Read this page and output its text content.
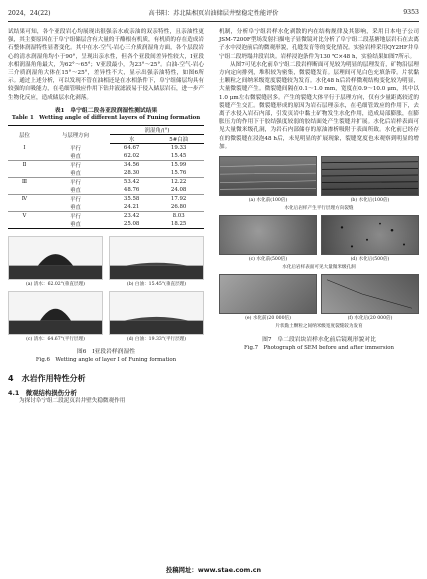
2024，24(22)	高书阳：苏北陆相页岩油储层井壁稳定性能评价	9353

试结果可知，各个亚段岩心均展现出很强亲水或亲油的双亲特性，且亲油性更强，其主要原因在于阜宁组储层含有大量的干酪根有机质，有机质的存在造成岩石整体润湿特性显著变化。其中在水-空气-岩心三介质润湿角方面，各个层段岩心的清水润湿角均小于90°，呈现出亲水性，但各个亚段间差异性较大，Ⅰ亚段水相润湿角角最大，为62°～65°；Ⅴ亚段最小，为23°～25°。白油-空气-岩心三介质润湿角大体在15°～25°，差异性不大，显示出强亲油特性，如图6所示。通过上述分析，可以发现不管在油相还是在水相条件下，阜宁组储层均具有较强的自吸能力，在毛细管吸应作用下钻井液滤液易于侵入储层岩石，进一步产生物化反应，造成储层水化剥落。

表1　阜宁组二段各亚段润湿性测试结果
Table 1　Wetting angle of different layers of Funing formation
层位	与层理方向	润湿角/(°)	
		水	5#白油
Ⅰ	平行	64.67	19.33
	垂直	62.02	15.45
Ⅱ	平行	34.56	15.99
	垂直	28.30	15.76
Ⅲ	平行	53.42	12.22
	垂直	48.76	24.08
Ⅳ	平行	35.58	17.92
	垂直	24.21	26.80
Ⅴ	平行	23.42	8.03
	垂直	25.08	18.25
(a) 清水：62.02°(垂直层理)	(b) 白油：15.45°(垂直层理)
(c) 清水：64.67°(平行层理)	(d) 白油：19.33°(平行层理)
图6　Ⅰ亚段岩样润湿性
Fig.6　Wetting angle of layer Ⅰ of Funing formation
4　水岩作用特性分析
4.1　微观结构损伤分析

为探讨阜宁组二段泥页岩井壁失稳微观作用

机制，分析阜宁组岩样水化剥散的内在结构规律及其影响，采用日本电子公司JSM-7200F型场发射扫描电子显微镜对比分析了阜宁组二段基塘地层岩石在去离子水中浸泡前后的微观形貌，孔缝发育等的变化情况。实验岩样采用QY2HF井阜宁组二段坍塌井段岩块。岩样浸泡条件为130 ℃×48 h，实验结果如图7所示。

从图7可见水化前阜宁组二段岩样断面可见较为明显的层理发育，矿物沿层理方向定向排列，堆积较为密集，微裂缝发育。层理间可见白色充填条带。片状黏土颗粒之间纳米级宽度裂缝较为发育。水化48 h后岩样微观结构变化较为明显，大量微裂缝产生。微裂缝间隔在0.1～1.0 mm，宽度在0.9～10.0 μm，其中以1.0 μm左右微裂缝居多。产生的裂缝大体平行于层理方向，仅有少量距离较近的裂缝产生交汇。微裂缝形成的原因为岩石层理亲水，在毛细管效应的作用下，去离子水侵入岩石内部，引发页岩中黏土矿物发生水化作用，造成局部膨胀，在膨胀压力的作用下于胶结强度较弱的胶结面处产生裂缝并扩展。水化后岩样表面可见大量微米级孔洞，为岩石内部储存的原油渗析吸附于表面所致。水化前已经存在的微裂缝在浸泡48 h后，未见明显的扩展现象，裂缝宽度也未观察到明显的增加。

(a) 水化前(100倍)	(b) 水化后(100倍)
水化后岩样产生平行层理方向裂缝
(c) 水化前(500倍)	(d) 水化后(500倍)
水化后岩样表面可见大量微米级孔洞
(e) 水化前(20 000倍)	(f) 水化后(20 000倍)
片状黏土颗粒之间纳米级宽度裂缝较为发育
图7　阜二段岩块岩样水化前后镜观形貌对比
Fig.7　Photograph of SEM before and after immersion
投稿网址：www.stae.com.cn
